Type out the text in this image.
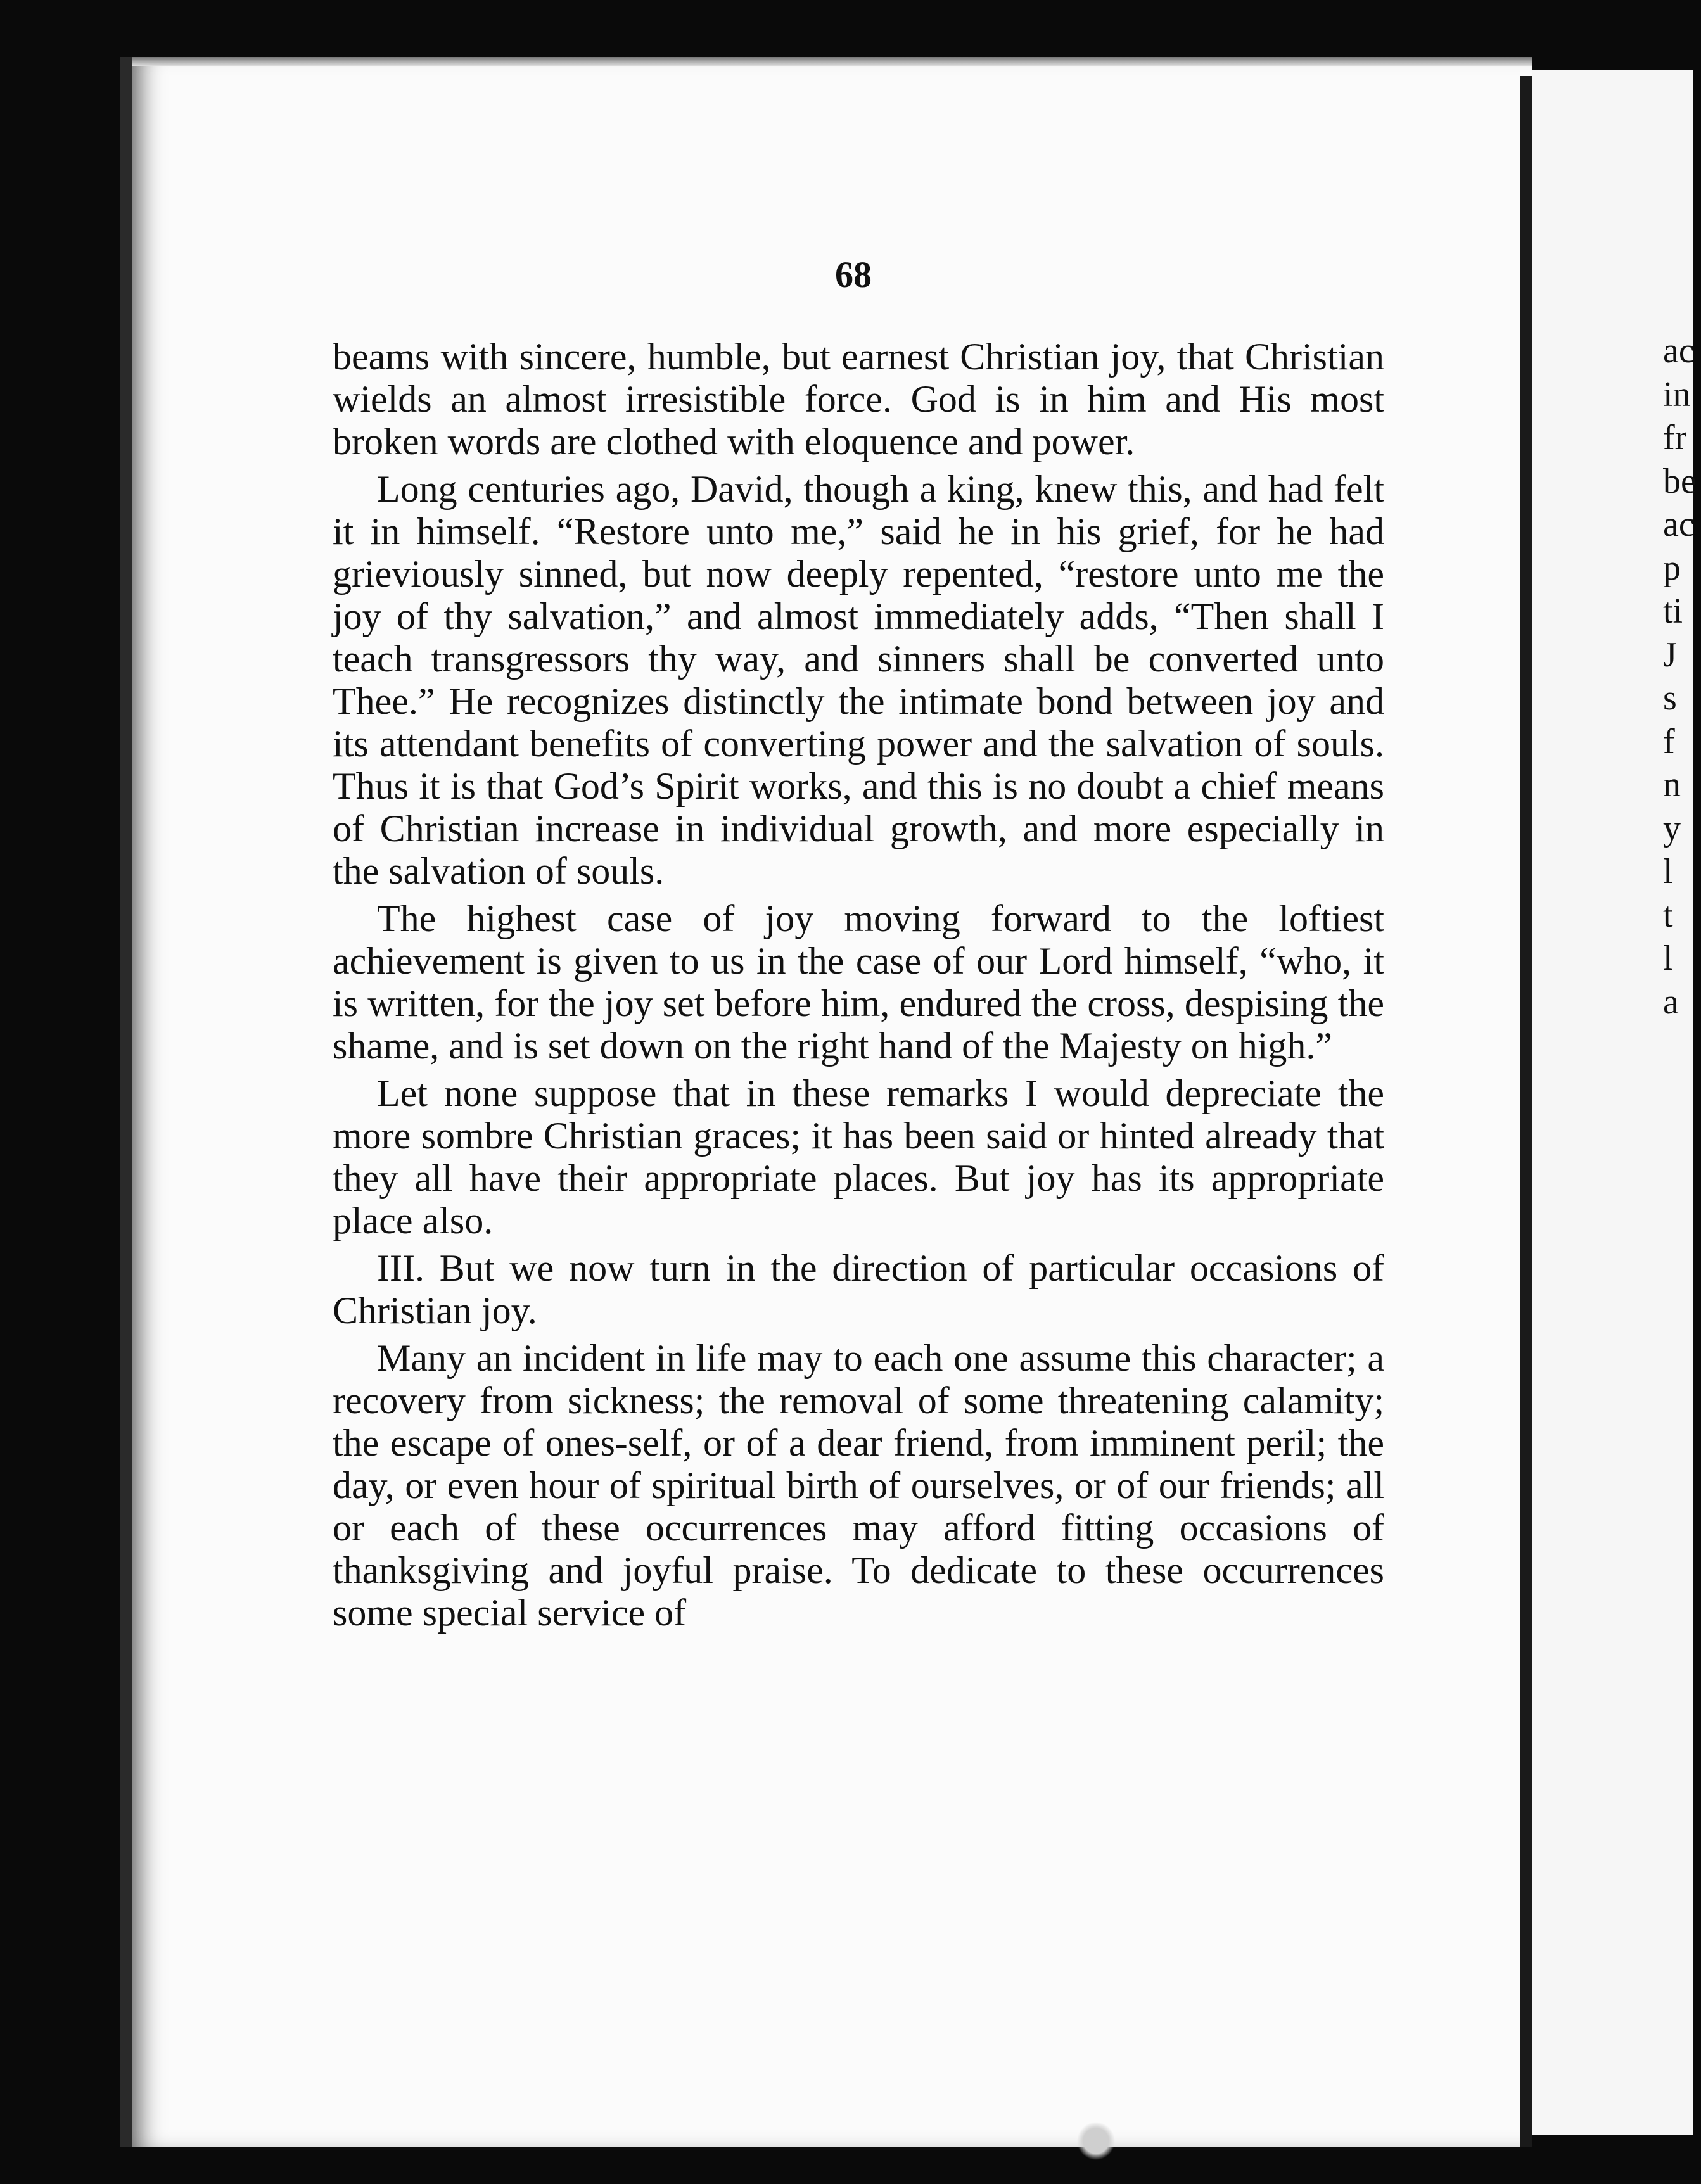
ac
in
fr
be
ac
p
ti
J
s
f
n
y
l
t
l
a
68

beams with sincere, humble, but earnest Christian joy, that Christian wields an almost irresistible force. God is in him and His most broken words are clothed with eloquence and power.

Long centuries ago, David, though a king, knew this, and had felt it in himself. “Restore unto me,” said he in his grief, for he had grieviously sinned, but now deeply repented, “restore unto me the joy of thy salvation,” and almost immediately adds, “Then shall I teach transgressors thy way, and sinners shall be converted unto Thee.” He recognizes distinctly the intimate bond between joy and its attendant benefits of converting power and the salvation of souls. Thus it is that God’s Spirit works, and this is no doubt a chief means of Christian increase in individual growth, and more especially in the salvation of souls.

The highest case of joy moving forward to the loftiest achievement is given to us in the case of our Lord himself, “who, it is written, for the joy set before him, endured the cross, despising the shame, and is set down on the right hand of the Majesty on high.”

Let none suppose that in these remarks I would depreciate the more sombre Christian graces; it has been said or hinted already that they all have their appropriate places. But joy has its appropriate place also.

III. But we now turn in the direction of particular occasions of Christian joy.

Many an incident in life may to each one assume this character; a recovery from sickness; the removal of some threatening calamity; the escape of ones-self, or of a dear friend, from imminent peril; the day, or even hour of spiritual birth of ourselves, or of our friends; all or each of these occurrences may afford fitting occasions of thanksgiving and joyful praise. To dedicate to these occurrences some special service of
